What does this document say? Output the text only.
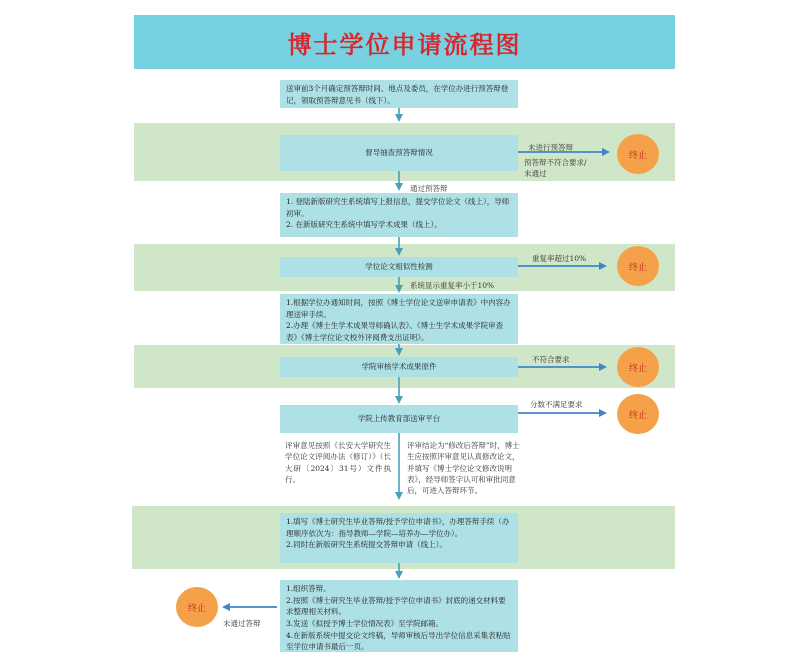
博士学位申请流程图
送审前3个月确定预答辩时间、地点及委员，在学位办进行预答辩登记，领取预答辩意见书（线下）。
督导抽查预答辩情况
1. 登陆新版研究生系统填写上报信息，提交学位论文（线上），导师初审。
2. 在新版研究生系统中填写学术成果（线上）。
学位论文相似性检测
1.根据学位办通知时间，按照《博士学位论文送审申请表》中内容办理送审手续。
2.办理《博士生学术成果导师确认表》、《博士生学术成果学院审查表》《博士学位论文校外评阅费支出证明》。
学院审核学术成果原件
学院上传教育部送审平台
1.填写《博士研究生毕业答辩/授予学位申请书》，办理答辩手续（办理顺序依次为：指导教师—学院—培养办—学位办）。
2.同时在新版研究生系统提交答辩申请（线上）。
1.组织答辩。
2.按照《博士研究生毕业答辩/授予学位申请书》封底的递交材料要求整理相关材料。
3.发送《拟授予博士学位情况表》至学院邮箱。
4.在新版系统中提交论文终稿，导师审核后导出学位信息采集表粘贴至学位申请书最后一页。
通过预答辩
系统显示重复率小于10%
未进行预答辩
预答辩不符合要求/
未通过
重复率超过10%
不符合要求
分数不满足要求
未通过答辩
评审意见按照《长安大学研究生学位论文评阅办法（修订）》（长大研〔2024〕31号）文件执行。
评审结论为“修改后答辩”时，博士生应按照评审意见认真修改论文，并填写《博士学位论文修改说明表》，经导师签字认可和审批同意后，可进入答辩环节。
终止
终止
终止
终止
终止
